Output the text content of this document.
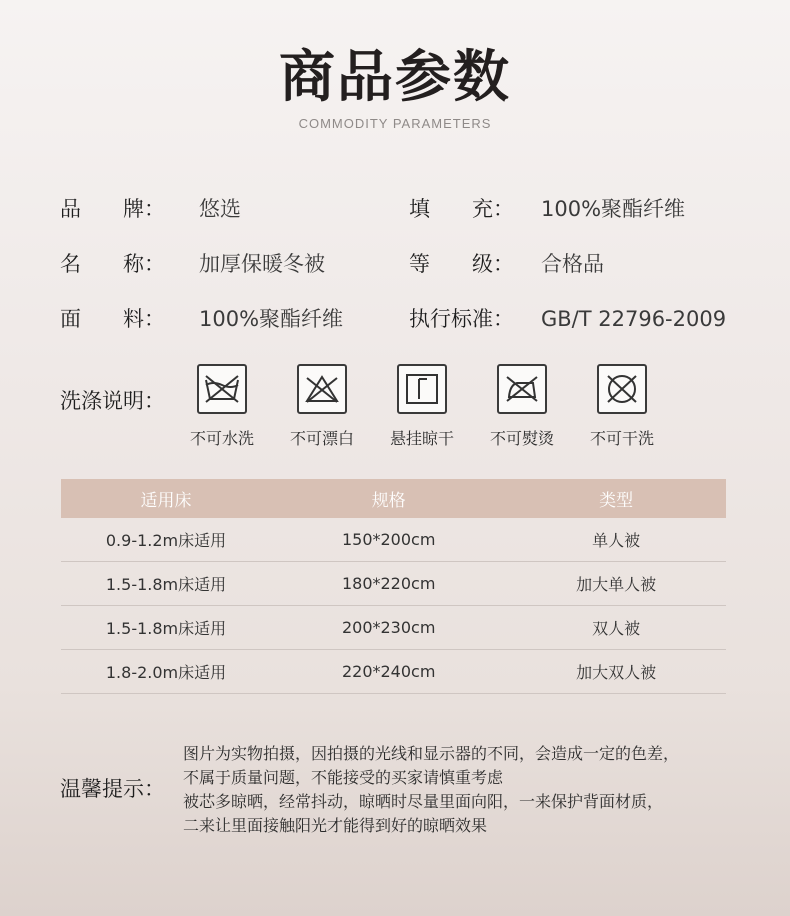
商品参数
COMMODITY PARAMETERS
品　　牌： 悠选	填　　充： 100%聚酯纤维
名　　称： 加厚保暖冬被	等　　级： 合格品
面　　料： 100%聚酯纤维	执行标准： GB/T 22796-2009
洗涤说明：
不可水洗	不可漂白	悬挂晾干	不可熨烫	不可干洗
适用床	规格	类型
0.9-1.2m床适用	150*200cm	单人被
1.5-1.8m床适用	180*220cm	加大单人被
1.5-1.8m床适用	200*230cm	双人被
1.8-2.0m床适用	220*240cm	加大双人被
温馨提示：
图片为实物拍摄，因拍摄的光线和显示器的不同，会造成一定的色差，
不属于质量问题，不能接受的买家请慎重考虑
被芯多晾晒，经常抖动，晾晒时尽量里面向阳，一来保护背面材质，
二来让里面接触阳光才能得到好的晾晒效果
